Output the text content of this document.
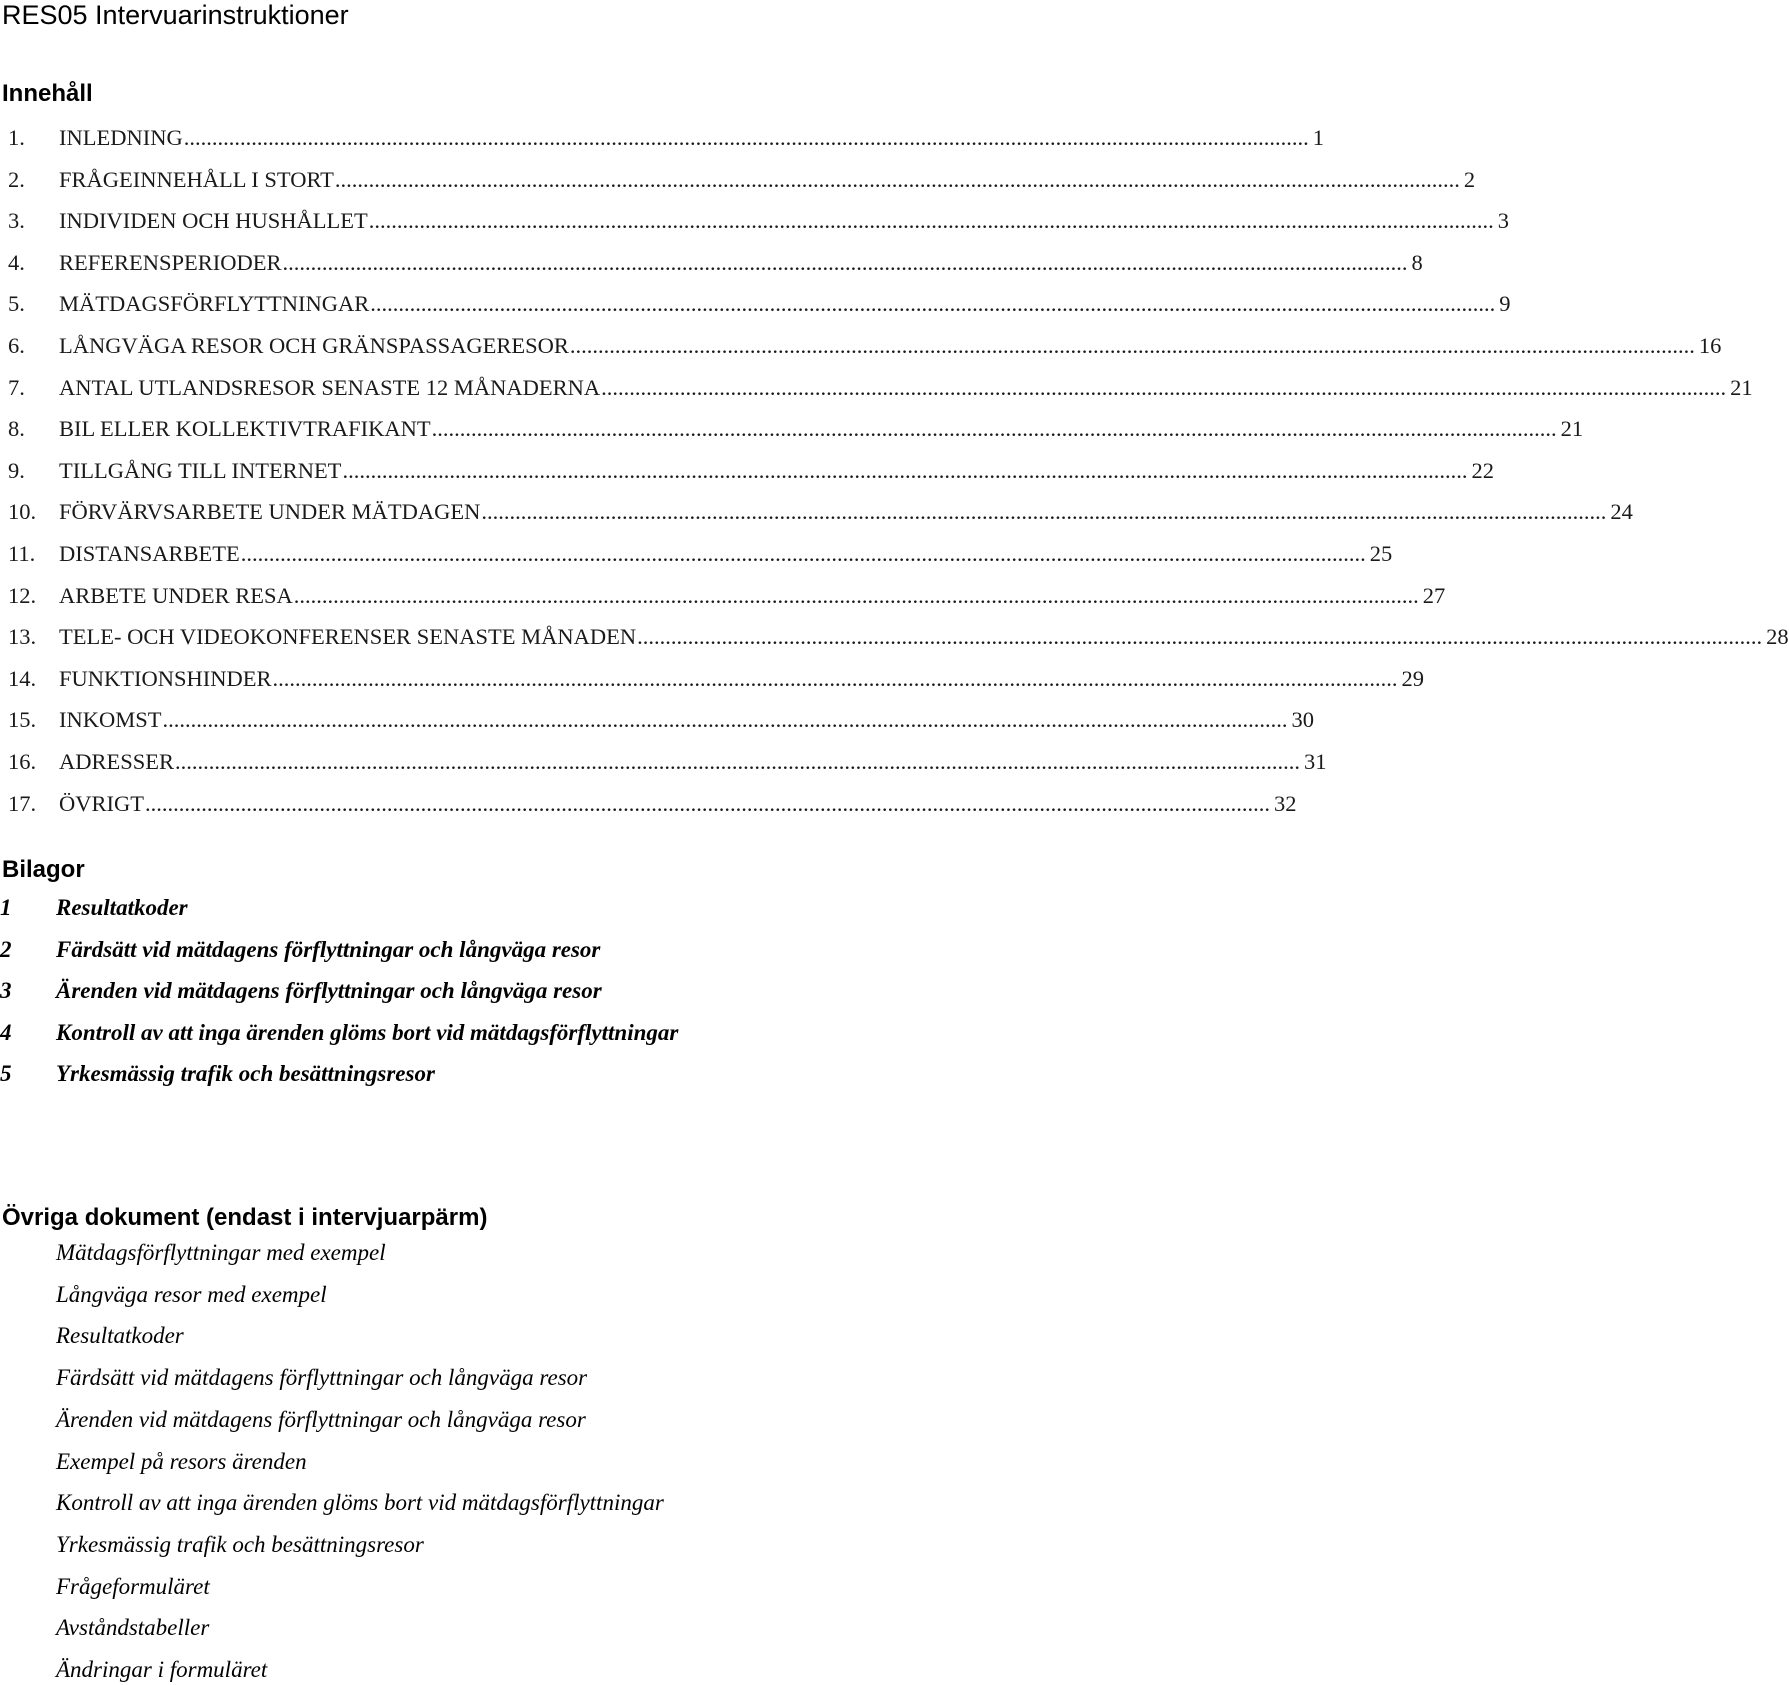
RES05 Intervuarinstruktioner
Innehåll
1.	INLEDNING ........................................................................................................................................................................................................ 1
2.	FRÅGEINNEHÅLL I STORT ........................................................................................................................................................................................................ 2
3.	INDIVIDEN OCH HUSHÅLLET ........................................................................................................................................................................................................ 3
4.	REFERENSPERIODER ........................................................................................................................................................................................................ 8
5.	MÄTDAGSFÖRFLYTTNINGAR ........................................................................................................................................................................................................ 9
6.	LÅNGVÄGA RESOR OCH GRÄNSPASSAGERESOR ........................................................................................................................................................................................................ 16
7.	ANTAL UTLANDSRESOR SENASTE 12 MÅNADERNA ........................................................................................................................................................................................................ 21
8.	BIL ELLER KOLLEKTIVTRAFIKANT ........................................................................................................................................................................................................ 21
9.	TILLGÅNG TILL INTERNET ........................................................................................................................................................................................................ 22
10.	FÖRVÄRVSARBETE UNDER MÄTDAGEN ........................................................................................................................................................................................................ 24
11.	DISTANSARBETE ........................................................................................................................................................................................................ 25
12.	ARBETE UNDER RESA ........................................................................................................................................................................................................ 27
13.	TELE- OCH VIDEOKONFERENSER SENASTE MÅNADEN ........................................................................................................................................................................................................ 28
14.	FUNKTIONSHINDER ........................................................................................................................................................................................................ 29
15.	INKOMST ........................................................................................................................................................................................................ 30
16.	ADRESSER ........................................................................................................................................................................................................ 31
17.	ÖVRIGT ........................................................................................................................................................................................................ 32
Bilagor
1 Resultatkoder
2 Färdsätt vid mätdagens förflyttningar och långväga resor
3 Ärenden vid mätdagens förflyttningar och långväga resor
4 Kontroll av att inga ärenden glöms bort vid mätdagsförflyttningar
5 Yrkesmässig trafik och besättningsresor
Övriga dokument (endast i intervjuarpärm)
Mätdagsförflyttningar med exempel
Långväga resor med exempel
Resultatkoder
Färdsätt vid mätdagens förflyttningar och långväga resor
Ärenden vid mätdagens förflyttningar och långväga resor
Exempel på resors ärenden
Kontroll av att inga ärenden glöms bort vid mätdagsförflyttningar
Yrkesmässig trafik och besättningsresor
Frågeformuläret
Avståndstabeller
Ändringar i formuläret
